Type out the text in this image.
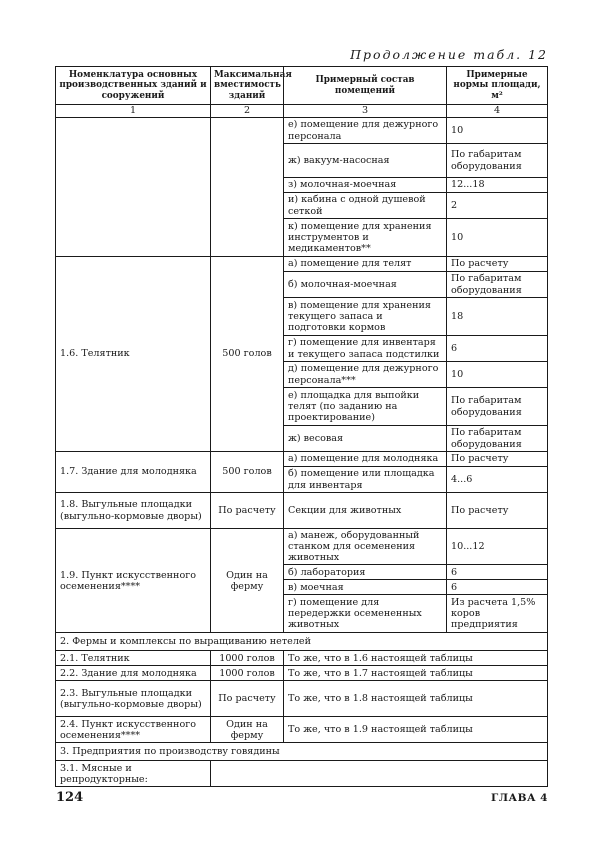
Продолжение табл. 12
Номенклатура основных производственных зданий и сооружений	Максимальная вместимость зданий	Примерный состав помещений	Примерные нормы площади, м²
1	2	3	4
		е) помещение для дежурного персонала	10
		ж) вакуум-насосная	По габаритам оборудования
		з) молочная-моечная	12...18
		и) кабина с одной душевой сеткой	2
		к) помещение для хранения инструментов и медикаментов**	10
1.6. Телятник	500 голов	а) помещение для телят	По расчету
		б) молочная-моечная	По габаритам оборудования
		в) помещение для хранения текущего запаса и подготовки кормов	18
		г) помещение для инвентаря и текущего запаса подстилки	6
		д) помещение для дежурного персонала***	10
		е) площадка для выпойки телят (по заданию на проектирование)	По габаритам оборудования
		ж) весовая	По габаритам оборудования
1.7. Здание для молодняка	500 голов	а) помещение для молодняка	По расчету
		б) помещение или площадка для инвентаря	4...6
1.8. Выгульные площадки (выгульно-кормовые дворы)	По расчету	Секции для животных	По расчету
1.9. Пункт искусственного осеменения****	Один на ферму	а) манеж, оборудованный станком для осеменения животных	10...12
		б) лаборатория	6
		в) моечная	6
		г) помещение для передержки осемененных животных	Из расчета 1,5% коров предприятия
2. Фермы и комплексы по выращиванию нетелей			
2.1. Телятник	1000 голов	То же, что в 1.6 настоящей таблицы	
2.2. Здание для молодняка	1000 голов	То же, что в 1.7 настоящей таблицы	
2.3. Выгульные площадки (выгульно-кормовые дворы)	По расчету	То же, что в 1.8 настоящей таблицы	
2.4. Пункт искусственного осеменения****	Один на ферму	То же, что в 1.9 настоящей таблицы	
3. Предприятия по производству говядины			
3.1. Мясные и репродукторные:			
124	ГЛАВА 4
